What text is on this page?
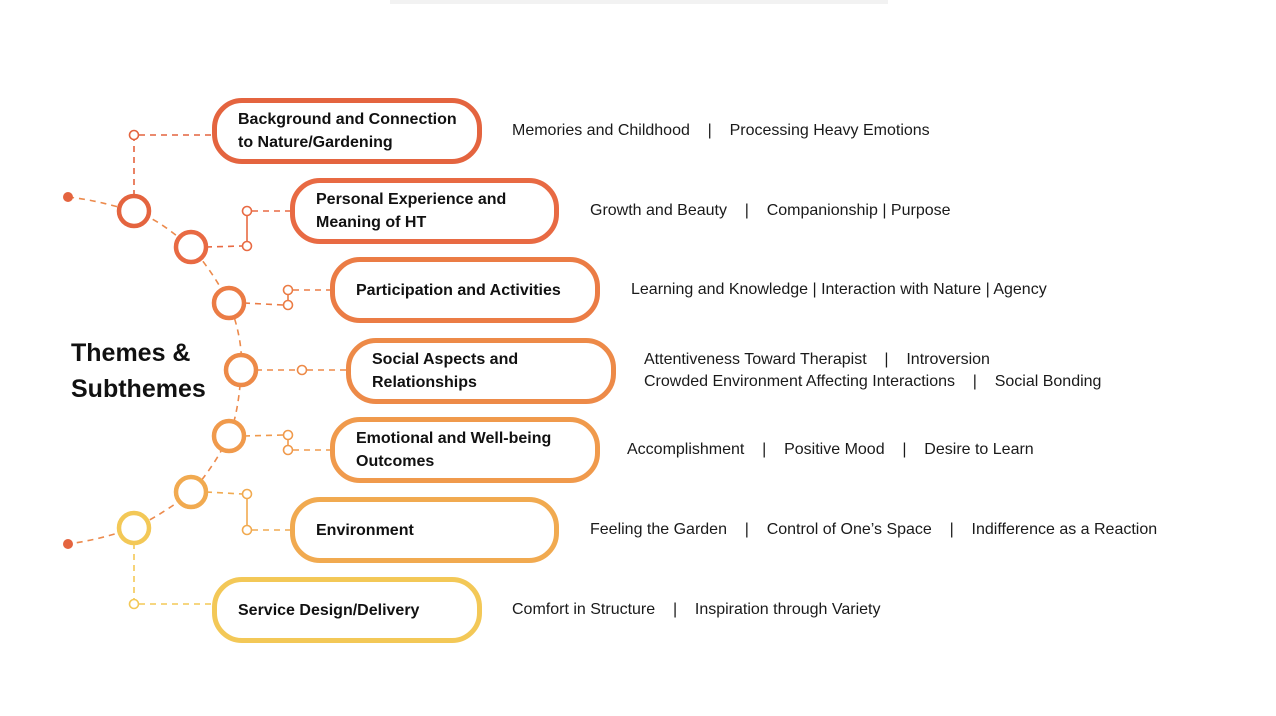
Themes &
Subthemes
Background and Connection to Nature/Gardening
Memories and Childhood    |    Processing Heavy Emotions
Personal Experience and Meaning of HT
Growth and Beauty    |    Companionship | Purpose
Participation and Activities	Learning and Knowledge | Interaction with Nature | Agency
Social Aspects and Relationships
Attentiveness Toward Therapist    |    Introversion
Crowded Environment Affecting Interactions    |    Social Bonding
Emotional and Well-being Outcomes
Accomplishment    |    Positive Mood    |    Desire to Learn
Environment	Feeling the Garden    |    Control of One’s Space    |    Indifference as a Reaction
Service Design/Delivery	Comfort in Structure    |    Inspiration through Variety
